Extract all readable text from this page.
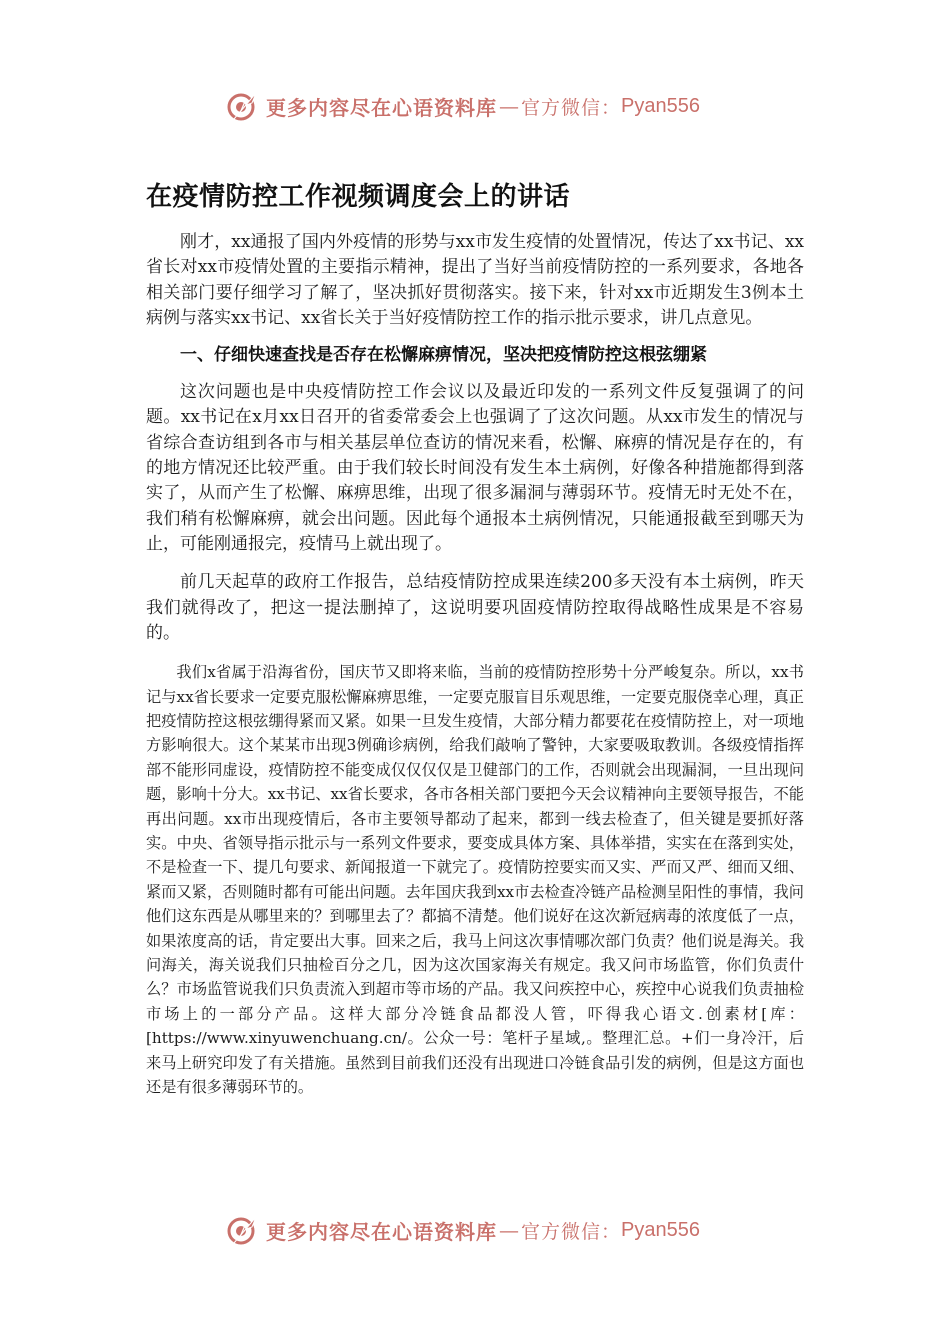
更多内容尽在心语资料库 — 官方微信： Pyan556
在疫情防控工作视频调度会上的讲话

刚才，xx通报了国内外疫情的形势与xx市发生疫情的处置情况，传达了xx书记、xx省长对xx市疫情处置的主要指示精神，提出了当好当前疫情防控的一系列要求，各地各相关部门要仔细学习了解了，坚决抓好贯彻落实。接下来，针对xx市近期发生3例本土病例与落实xx书记、xx省长关于当好疫情防控工作的指示批示要求，讲几点意见。

一、仔细快速查找是否存在松懈麻痹情况，坚决把疫情防控这根弦绷紧

这次问题也是中央疫情防控工作会议以及最近印发的一系列文件反复强调了的问题。xx书记在x月xx日召开的省委常委会上也强调了了这次问题。从xx市发生的情况与省综合查访组到各市与相关基层单位查访的情况来看，松懈、麻痹的情况是存在的，有的地方情况还比较严重。由于我们较长时间没有发生本土病例，好像各种措施都得到落实了，从而产生了松懈、麻痹思维，出现了很多漏洞与薄弱环节。疫情无时无处不在，我们稍有松懈麻痹，就会出问题。因此每个通报本土病例情况，只能通报截至到哪天为止，可能刚通报完，疫情马上就出现了。

前几天起草的政府工作报告，总结疫情防控成果连续200多天没有本土病例，昨天我们就得改了，把这一提法删掉了，这说明要巩固疫情防控取得战略性成果是不容易的。

我们x省属于沿海省份，国庆节又即将来临，当前的疫情防控形势十分严峻复杂。所以，xx书记与xx省长要求一定要克服松懈麻痹思维，一定要克服盲目乐观思维，一定要克服侥幸心理，真正把疫情防控这根弦绷得紧而又紧。如果一旦发生疫情，大部分精力都要花在疫情防控上，对一项地方影响很大。这个某某市出现3例确诊病例，给我们敲响了警钟，大家要吸取教训。各级疫情指挥部不能形同虚设，疫情防控不能变成仅仅仅仅是卫健部门的工作，否则就会出现漏洞，一旦出现问题，影响十分大。xx书记、xx省长要求，各市各相关部门要把今天会议精神向主要领导报告，不能再出问题。xx市出现疫情后，各市主要领导都动了起来，都到一线去检查了，但关键是要抓好落实。中央、省领导指示批示与一系列文件要求，要变成具体方案、具体举措，实实在在落到实处，不是检查一下、提几句要求、新闻报道一下就完了。疫情防控要实而又实、严而又严、细而又细、紧而又紧，否则随时都有可能出问题。去年国庆我到xx市去检查冷链产品检测呈阳性的事情，我问他们这东西是从哪里来的？到哪里去了？都搞不清楚。他们说好在这次新冠病毒的浓度低了一点，如果浓度高的话，肯定要出大事。回来之后，我马上问这次事情哪次部门负责？他们说是海关。我问海关，海关说我们只抽检百分之几，因为这次国家海关有规定。我又问市场监管，你们负责什么？市场监管说我们只负责流入到超市等市场的产品。我又问疾控中心，疾控中心说我们负责抽检市场上的一部分产品。这样大部分冷链食品都没人管，吓得我心语文.创素材[库：[https://www.xinyuwenchuang.cn/。公众一号：笔杆子星域,。整理汇总。+们一身冷汗，后来马上研究印发了有关措施。虽然到目前我们还没有出现进口冷链食品引发的病例，但是这方面也还是有很多薄弱环节的。

更多内容尽在心语资料库 — 官方微信： Pyan556
